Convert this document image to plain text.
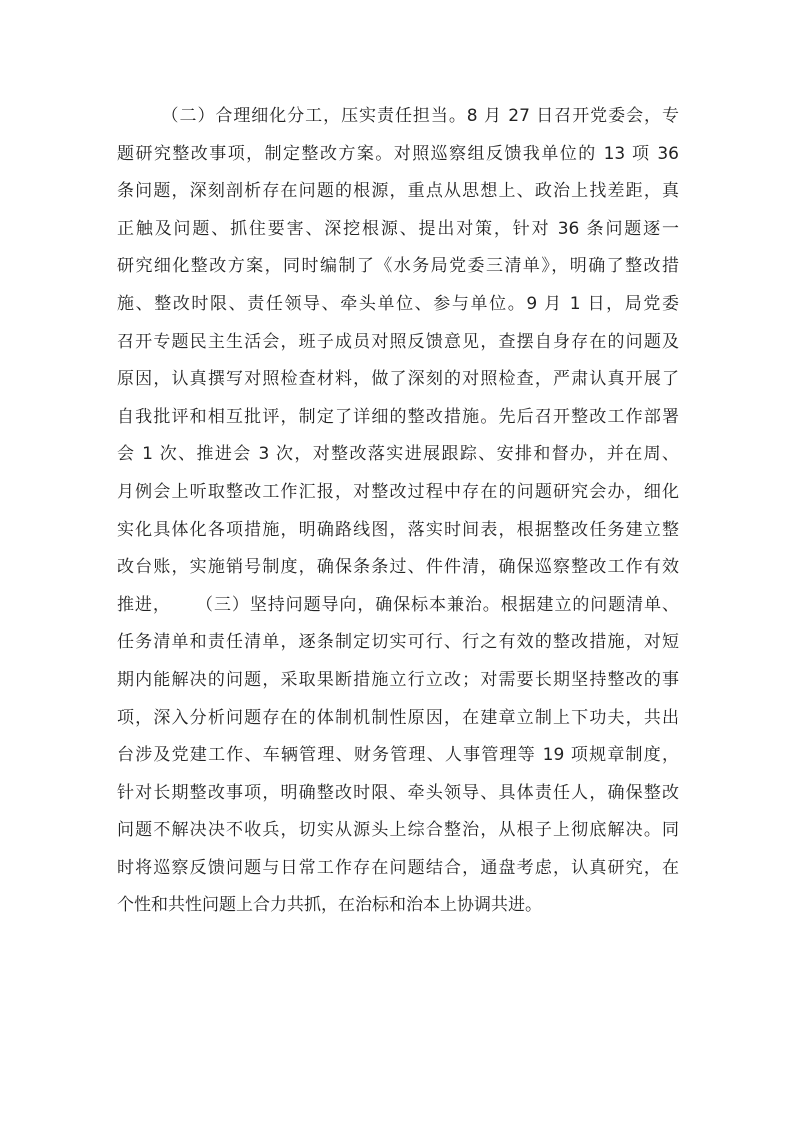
（二）合理细化分工，压实责任担当。8 月 27 日召开党委会，专
题研究整改事项，制定整改方案。对照巡察组反馈我单位的 13 项 36
条问题，深刻剖析存在问题的根源，重点从思想上、政治上找差距，真
正触及问题、抓住要害、深挖根源、提出对策，针对 36 条问题逐一
研究细化整改方案，同时编制了《水务局党委三清单》，明确了整改措
施、整改时限、责任领导、牵头单位、参与单位。9 月 1 日，局党委
召开专题民主生活会，班子成员对照反馈意见，查摆自身存在的问题及
原因，认真撰写对照检查材料，做了深刻的对照检查，严肃认真开展了
自我批评和相互批评，制定了详细的整改措施。先后召开整改工作部署
会 1 次、推进会 3 次，对整改落实进展跟踪、安排和督办，并在周、
月例会上听取整改工作汇报，对整改过程中存在的问题研究会办，细化
实化具体化各项措施，明确路线图，落实时间表，根据整改任务建立整
改台账，实施销号制度，确保条条过、件件清，确保巡察整改工作有效
推进，    （三）坚持问题导向，确保标本兼治。根据建立的问题清单、
任务清单和责任清单，逐条制定切实可行、行之有效的整改措施，对短
期内能解决的问题，采取果断措施立行立改；对需要长期坚持整改的事
项，深入分析问题存在的体制机制性原因，在建章立制上下功夫，共出
台涉及党建工作、车辆管理、财务管理、人事管理等 19 项规章制度，
针对长期整改事项，明确整改时限、牵头领导、具体责任人，确保整改
问题不解决决不收兵，切实从源头上综合整治，从根子上彻底解决。同
时将巡察反馈问题与日常工作存在问题结合，通盘考虑，认真研究，在
个性和共性问题上合力共抓，在治标和治本上协调共进。
